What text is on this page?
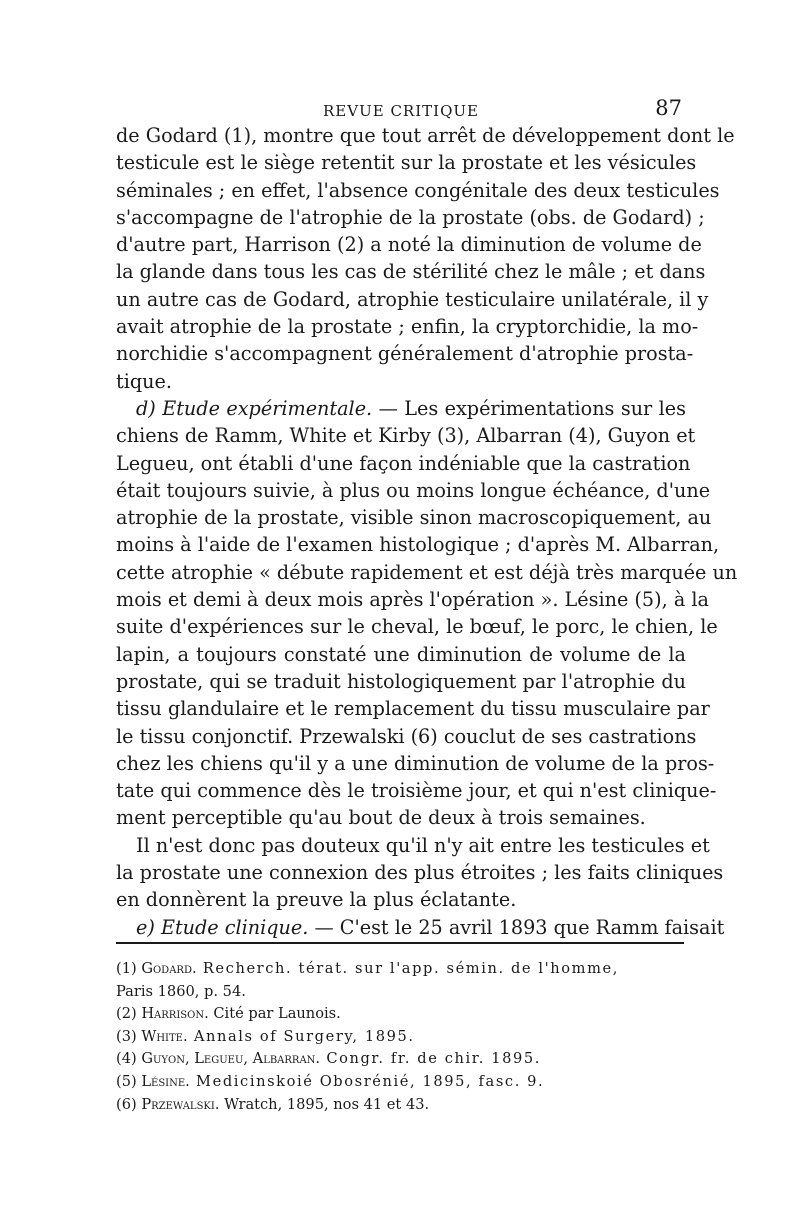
REVUE CRITIQUE	87

de Godard (1), montre que tout arrêt de développement dont le
testicule est le siège retentit sur la prostate et les vésicules
séminales ; en effet, l'absence congénitale des deux testicules
s'accompagne de l'atrophie de la prostate (obs. de Godard) ;
d'autre part, Harrison (2) a noté la diminution de volume de
la glande dans tous les cas de stérilité chez le mâle ; et dans
un autre cas de Godard, atrophie testiculaire unilatérale, il y
avait atrophie de la prostate ; enfin, la cryptorchidie, la mo-
norchidie s'accompagnent généralement d'atrophie prosta-
tique.

d) Etude expérimentale. — Les expérimentations sur les
chiens de Ramm, White et Kirby (3), Albarran (4), Guyon et
Legueu, ont établi d'une façon indéniable que la castration
était toujours suivie, à plus ou moins longue échéance, d'une
atrophie de la prostate, visible sinon macroscopiquement, au
moins à l'aide de l'examen histologique ; d'après M. Albarran,
cette atrophie « débute rapidement et est déjà très marquée un
mois et demi à deux mois après l'opération ». Lésine (5), à la
suite d'expériences sur le cheval, le bœuf, le porc, le chien, le
lapin, a toujours constaté une diminution de volume de la
prostate, qui se traduit histologiquement par l'atrophie du
tissu glandulaire et le remplacement du tissu musculaire par
le tissu conjonctif. Przewalski (6) couclut de ses castrations
chez les chiens qu'il y a une diminution de volume de la pros-
tate qui commence dès le troisième jour, et qui n'est clinique-
ment perceptible qu'au bout de deux à trois semaines.

Il n'est donc pas douteux qu'il n'y ait entre les testicules et
la prostate une connexion des plus étroites ; les faits cliniques
en donnèrent la preuve la plus éclatante.

e) Etude clinique. — C'est le 25 avril 1893 que Ramm faisait

(1) Godard. Recherch. térat. sur l'app. sémin. de l'homme,
Paris 1860, p. 54.
(2) Harrison. Cité par Launois.
(3) White. Annals of Surgery, 1895.
(4) Guyon, Legueu, Albarran. Congr. fr. de chir. 1895.
(5) Lésine. Medicinskoié Obosrénié, 1895, fasc. 9.
(6) Przewalski. Wratch, 1895, nos 41 et 43.
